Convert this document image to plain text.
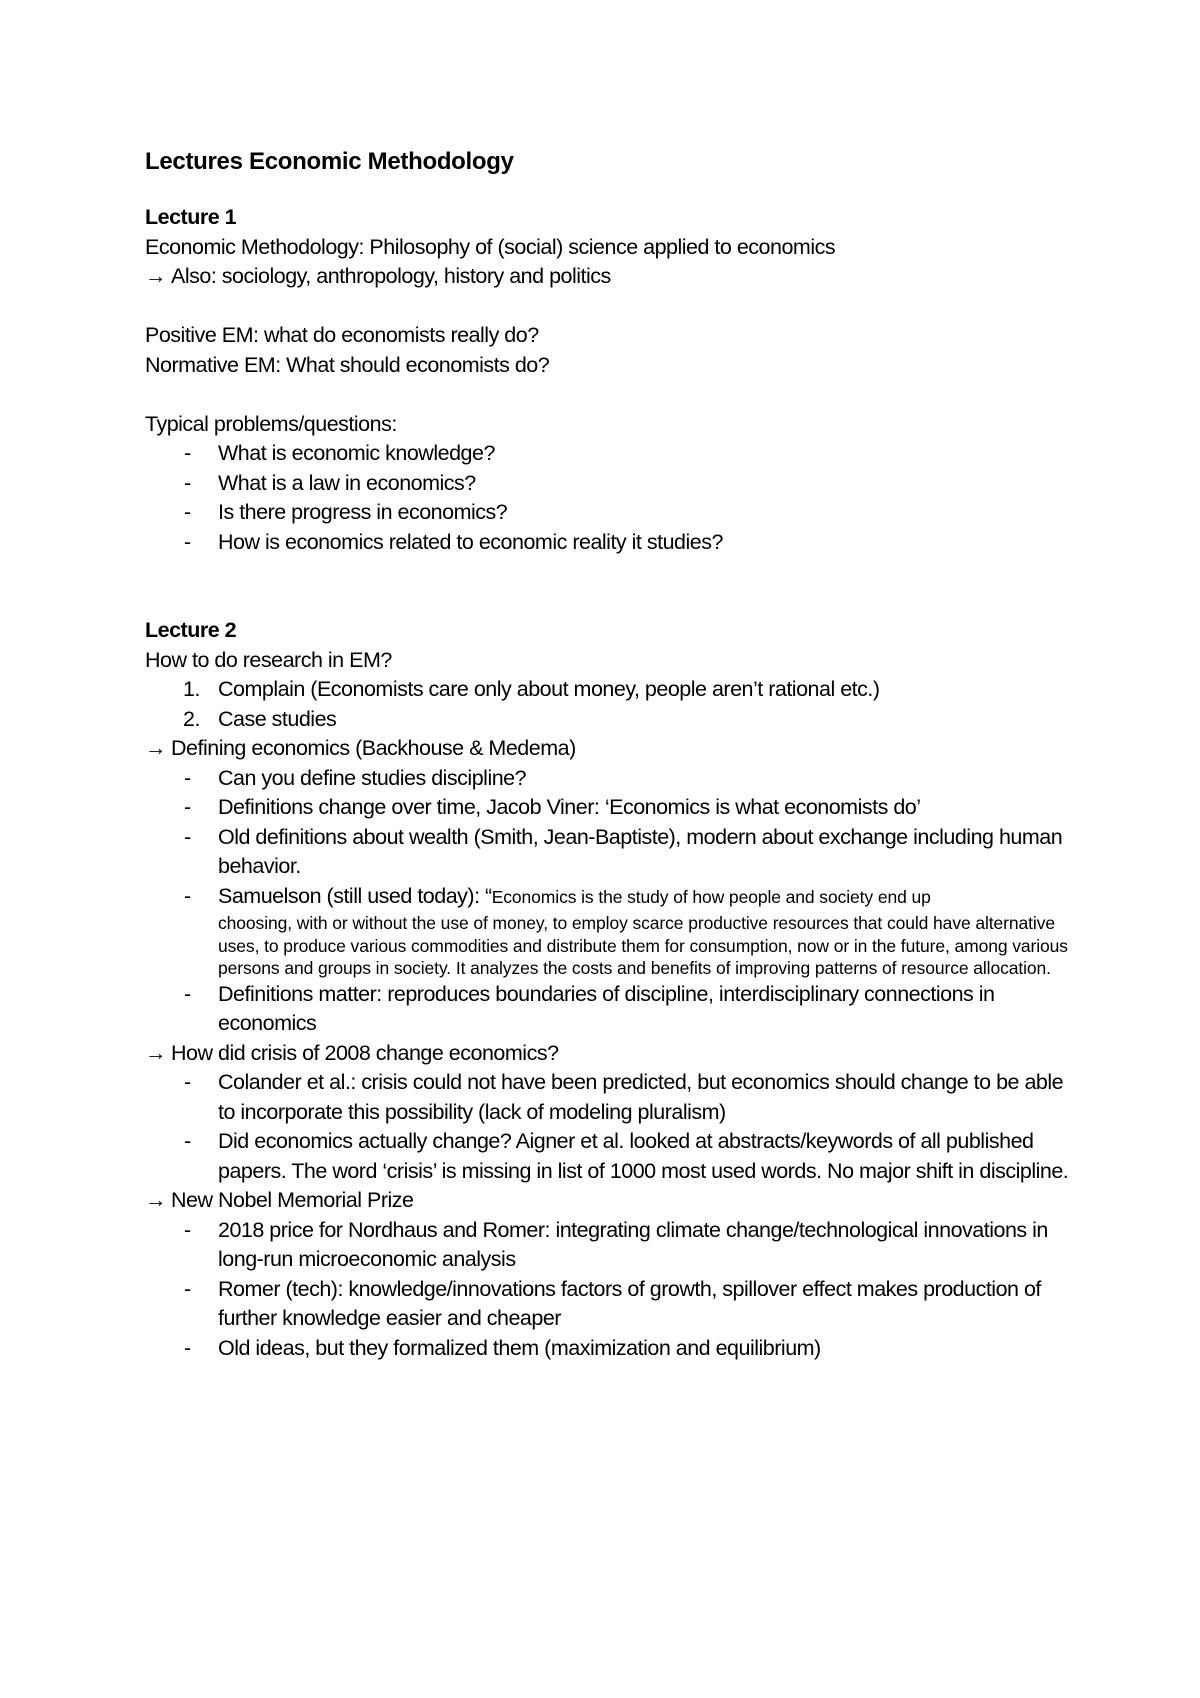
Lectures Economic Methodology

Lecture 1

Economic Methodology: Philosophy of (social) science applied to economics

→ Also: sociology, anthropology, history and politics

Positive EM: what do economists really do?

Normative EM: What should economists do?

Typical problems/questions:

- What is economic knowledge?
- What is a law in economics?
- Is there progress in economics?
- How is economics related to economic reality it studies?

Lecture 2

How to do research in EM?

1. Complain (Economists care only about money, people aren’t rational etc.)
2. Case studies

→ Defining economics (Backhouse & Medema)

- Can you define studies discipline?
- Definitions change over time, Jacob Viner: ‘Economics is what economists do’
- Old definitions about wealth (Smith, Jean-Baptiste), modern about exchange including human behavior.
- Samuelson (still used today): “Economics is the study of how people and society end up
choosing, with or without the use of money, to employ scarce productive resources that could have alternative uses, to produce various commodities and distribute them for consumption, now or in the future, among various persons and groups in society. It analyzes the costs and benefits of improving patterns of resource allocation.
- Definitions matter: reproduces boundaries of discipline, interdisciplinary connections in economics

→ How did crisis of 2008 change economics?

- Colander et al.: crisis could not have been predicted, but economics should change to be able to incorporate this possibility (lack of modeling pluralism)
- Did economics actually change? Aigner et al. looked at abstracts/keywords of all published papers. The word ‘crisis’ is missing in list of 1000 most used words. No major shift in discipline.

→ New Nobel Memorial Prize

- 2018 price for Nordhaus and Romer: integrating climate change/technological innovations in long-run microeconomic analysis
- Romer (tech): knowledge/innovations factors of growth, spillover effect makes production of further knowledge easier and cheaper
- Old ideas, but they formalized them (maximization and equilibrium)
